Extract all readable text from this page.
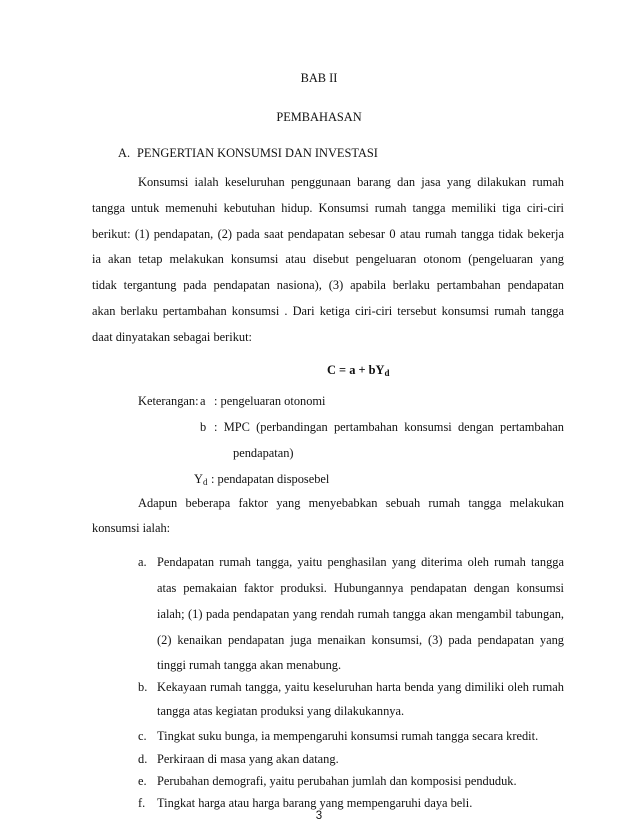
BAB II
PEMBAHASAN
A. PENGERTIAN KONSUMSI DAN INVESTASI
Konsumsi ialah keseluruhan penggunaan barang dan jasa yang dilakukan rumah
tangga untuk memenuhi kebutuhan hidup. Konsumsi rumah tangga memiliki tiga ciri-ciri
berikut: (1) pendapatan, (2) pada saat pendapatan sebesar 0 atau rumah tangga tidak bekerja
ia akan tetap melakukan konsumsi atau disebut pengeluaran otonom (pengeluaran yang
tidak tergantung pada pendapatan nasiona), (3) apabila berlaku pertambahan pendapatan
akan berlaku pertambahan konsumsi . Dari ketiga ciri-ciri tersebut konsumsi rumah tangga
daat dinyatakan sebagai berikut:
$C = a + bY_d$
Keterangan: a : pengeluaran otonomi
b : MPC (perbandingan pertambahan konsumsi dengan pertambahan
pendapatan)
$Y_d$ : pendapatan disposebel
Adapun beberapa faktor yang menyebabkan sebuah rumah tangga melakukan
konsumsi ialah:
a. Pendapatan rumah tangga, yaitu penghasilan yang diterima oleh rumah tangga
atas pemakaian faktor produksi. Hubungannya pendapatan dengan konsumsi
ialah; (1) pada pendapatan yang rendah rumah tangga akan mengambil tabungan,
(2) kenaikan pendapatan juga menaikan konsumsi, (3) pada pendapatan yang
tinggi rumah tangga akan menabung.
b. Kekayaan rumah tangga, yaitu keseluruhan harta benda yang dimiliki oleh rumah
tangga atas kegiatan produksi yang dilakukannya.
c. Tingkat suku bunga, ia mempengaruhi konsumsi rumah tangga secara kredit.
d. Perkiraan di masa yang akan datang.
e. Perubahan demografi, yaitu perubahan jumlah dan komposisi penduduk.
f. Tingkat harga atau harga barang yang mempengaruhi daya beli.
3
